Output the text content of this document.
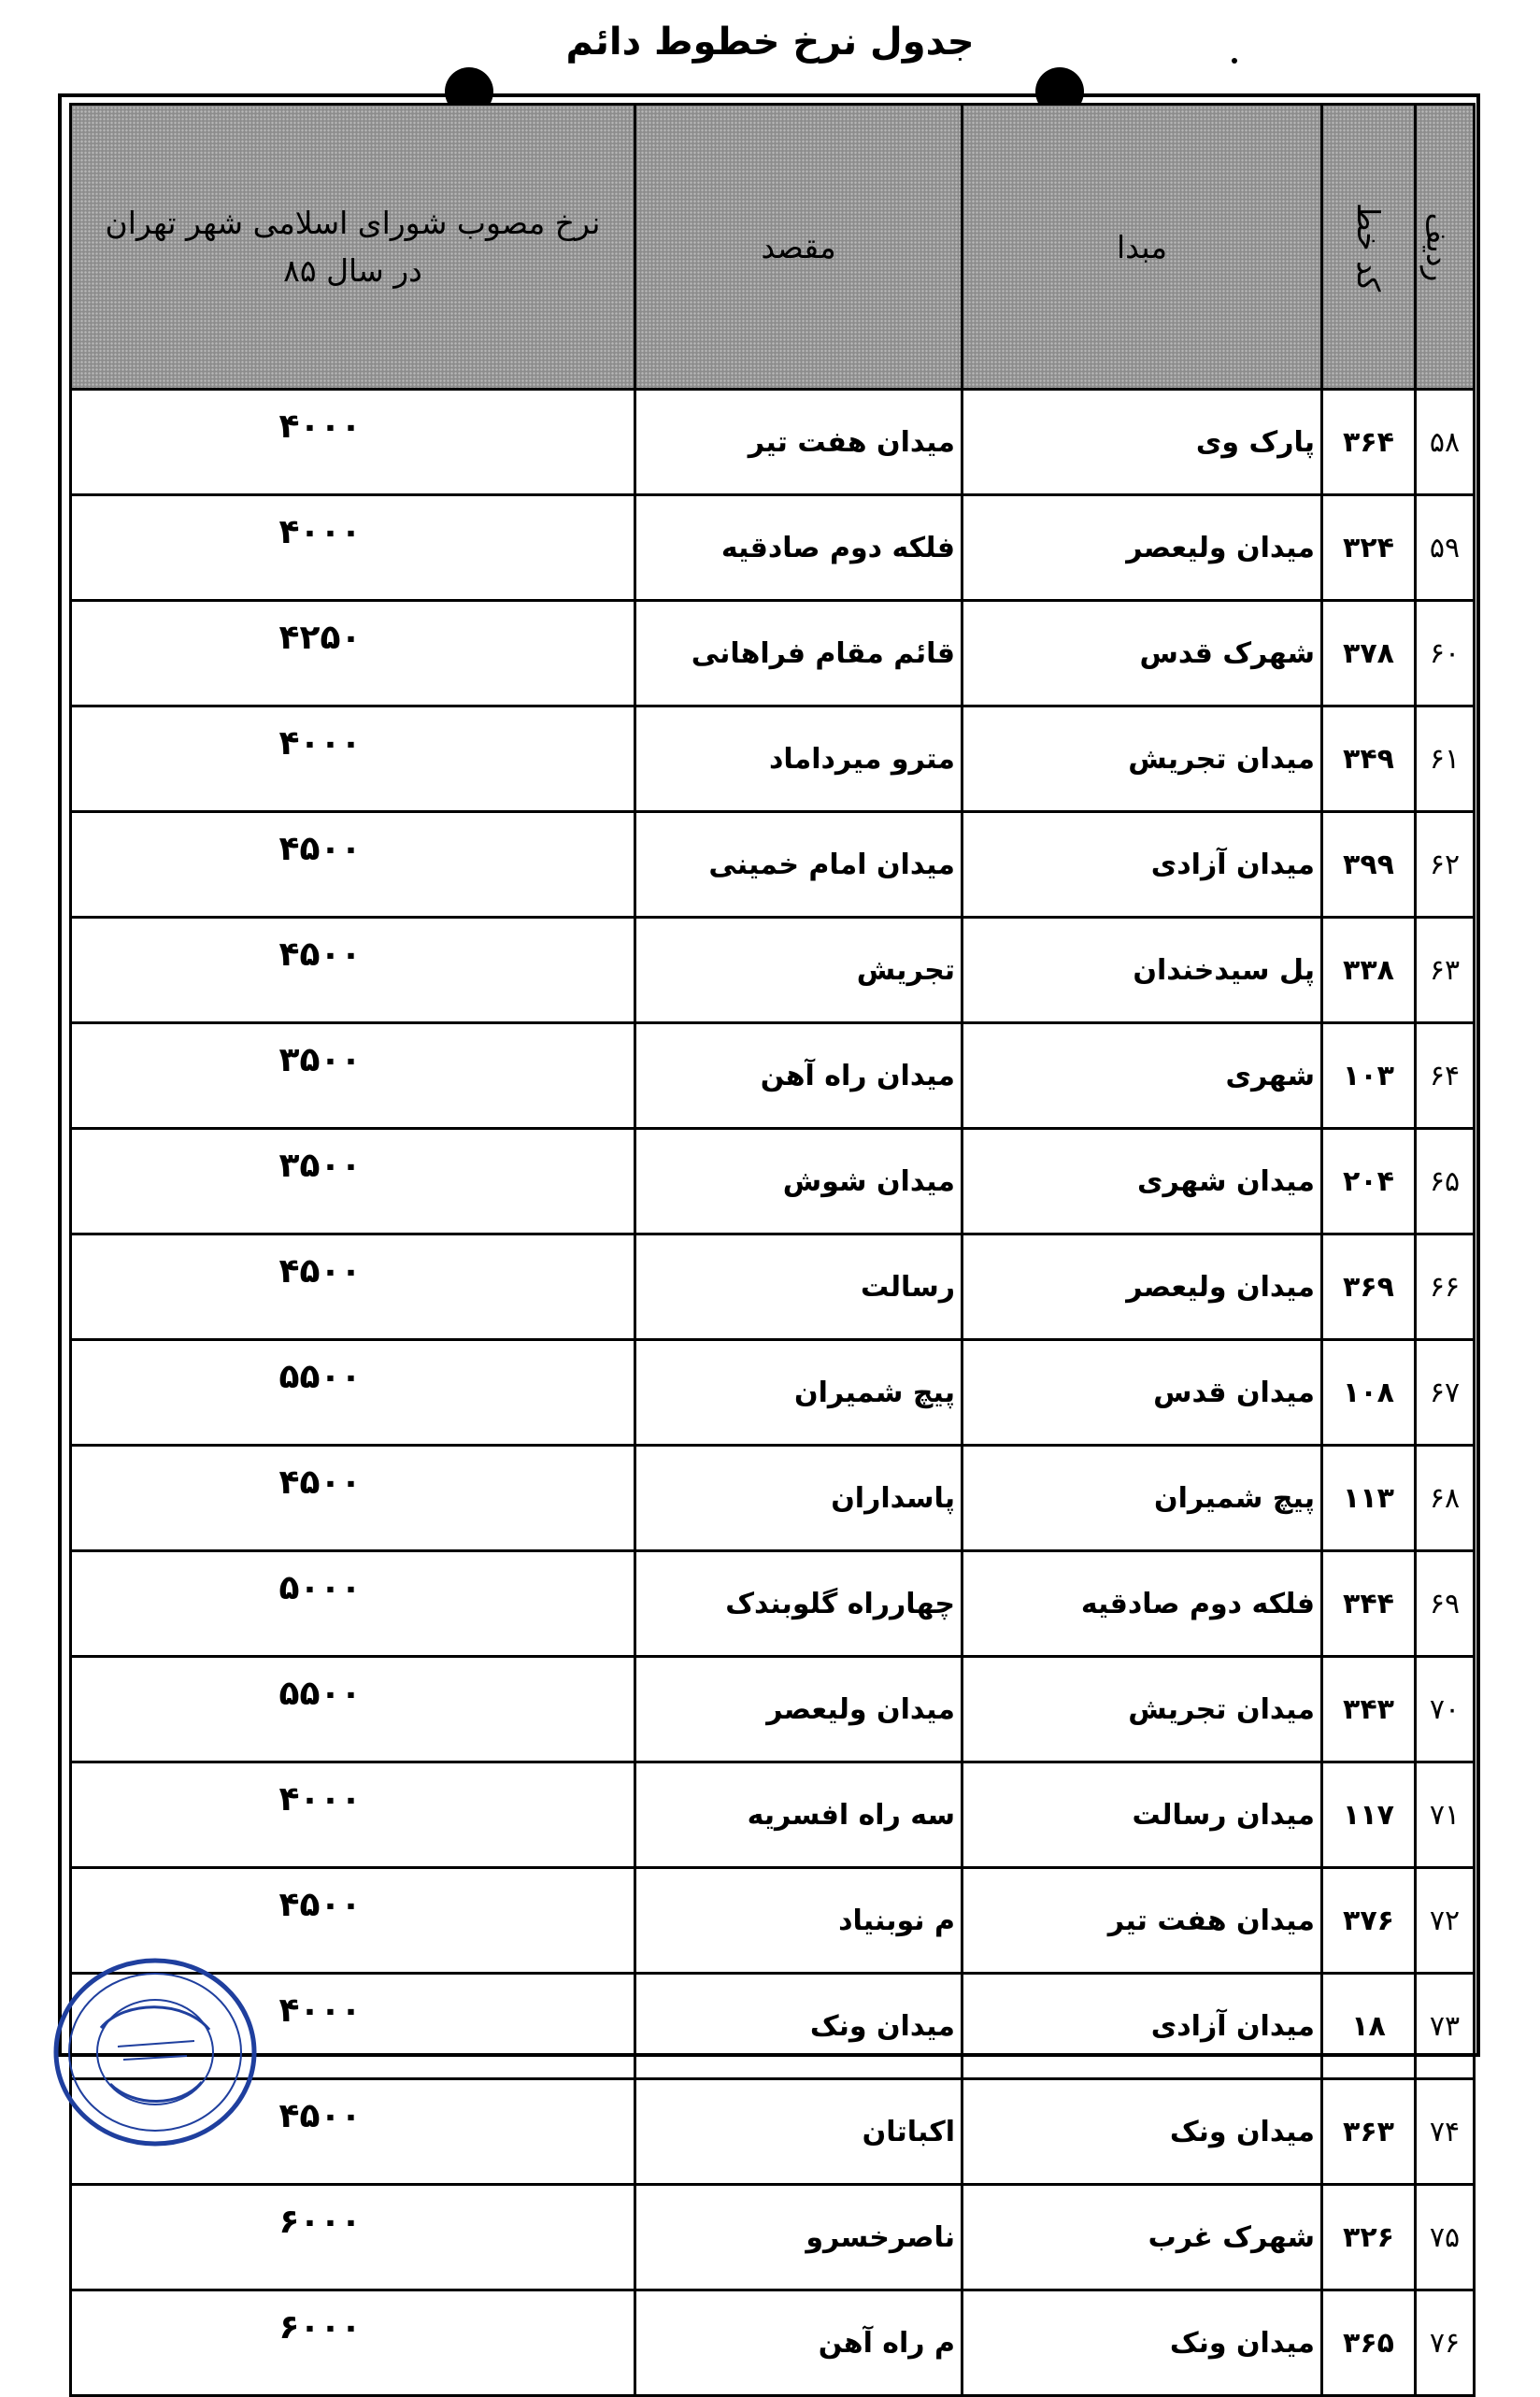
جدول نرخ خطوط دائم
ردیف	کد خط	مبدا	مقصد	نرخ مصوب شورای اسلامی شهر تهران
در سال ۸۵

۵۸	۳۶۴	پارک وی	میدان هفت تیر	۴۰۰۰
۵۹	۳۲۴	میدان ولیعصر	فلکه دوم صادقیه	۴۰۰۰
۶۰	۳۷۸	شهرک قدس	قائم مقام فراهانی	۴۲۵۰
۶۱	۳۴۹	میدان تجریش	مترو میرداماد	۴۰۰۰
۶۲	۳۹۹	میدان آزادی	میدان امام خمینی	۴۵۰۰
۶۳	۳۳۸	پل سیدخندان	تجریش	۴۵۰۰
۶۴	۱۰۳	شهری	میدان راه آهن	۳۵۰۰
۶۵	۲۰۴	میدان شهری	میدان شوش	۳۵۰۰
۶۶	۳۶۹	میدان ولیعصر	رسالت	۴۵۰۰
۶۷	۱۰۸	میدان قدس	پیچ شمیران	۵۵۰۰
۶۸	۱۱۳	پیچ شمیران	پاسداران	۴۵۰۰
۶۹	۳۴۴	فلکه دوم صادقیه	چهارراه گلوبندک	۵۰۰۰
۷۰	۳۴۳	میدان تجریش	میدان ولیعصر	۵۵۰۰
۷۱	۱۱۷	میدان رسالت	سه راه افسریه	۴۰۰۰
۷۲	۳۷۶	میدان هفت تیر	م نوبنیاد	۴۵۰۰
۷۳	۱۸	میدان آزادی	میدان ونک	۴۰۰۰
۷۴	۳۶۳	میدان ونک	اکباتان	۴۵۰۰
۷۵	۳۲۶	شهرک غرب	ناصرخسرو	۶۰۰۰
۷۶	۳۶۵	میدان ونک	م راه آهن	۶۰۰۰
